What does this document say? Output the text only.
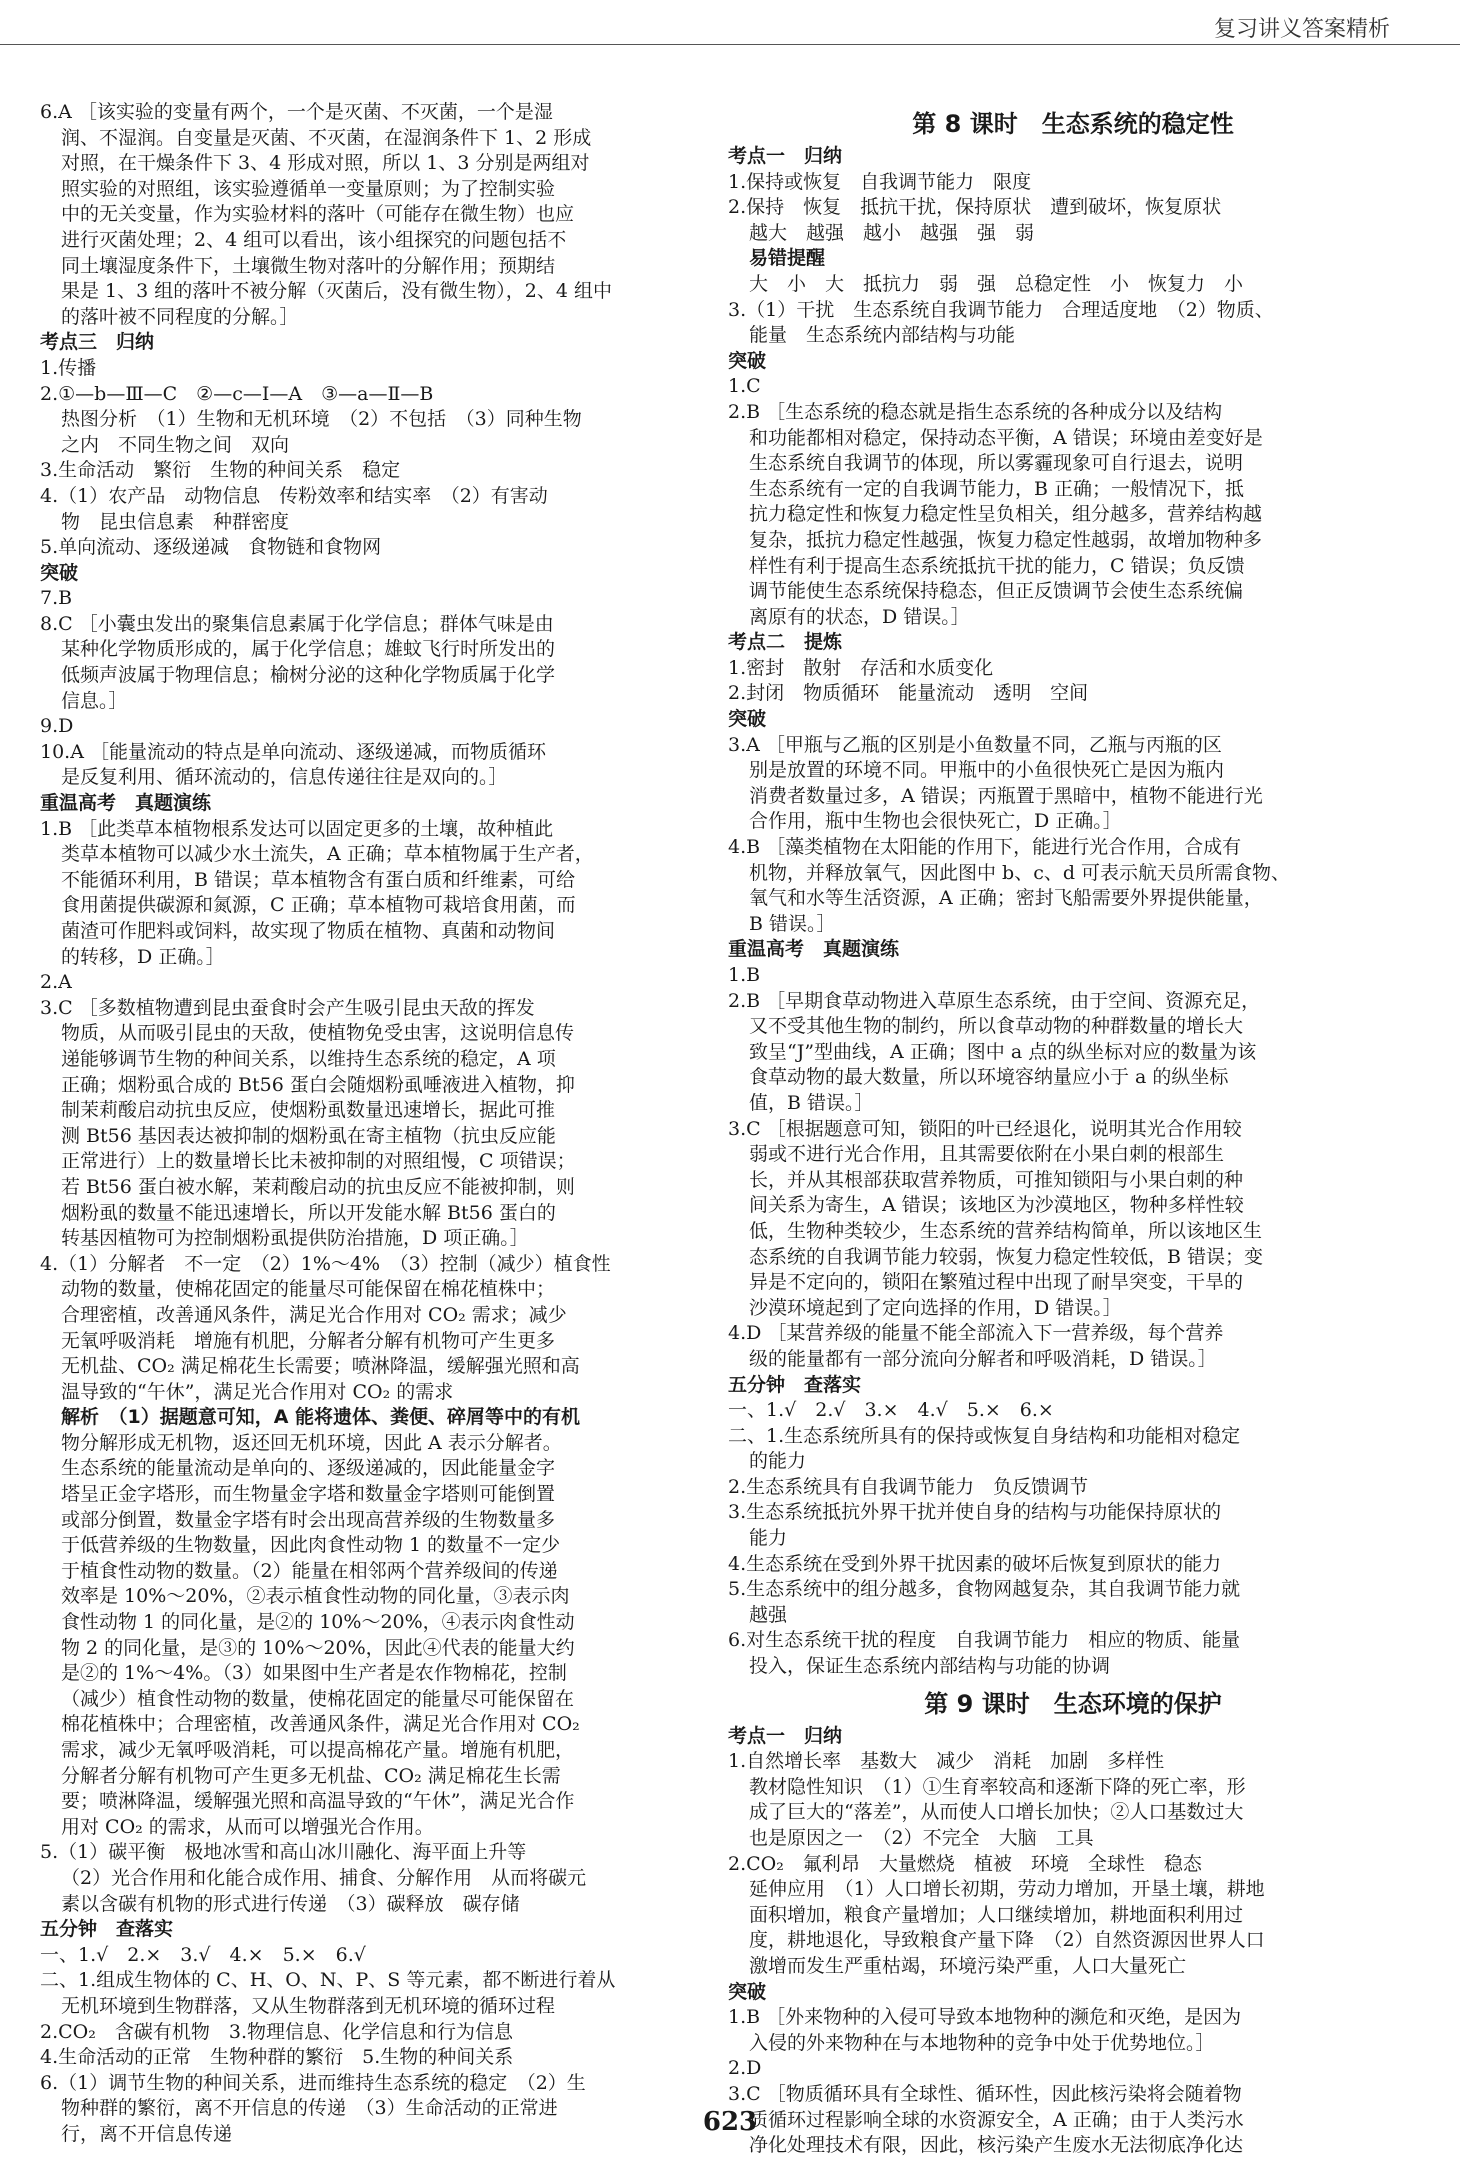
复习讲义答案精析
6.A ［该实验的变量有两个，一个是灭菌、不灭菌，一个是湿
润、不湿润。自变量是灭菌、不灭菌，在湿润条件下 1、2 形成
对照，在干燥条件下 3、4 形成对照，所以 1、3 分别是两组对
照实验的对照组，该实验遵循单一变量原则；为了控制实验
中的无关变量，作为实验材料的落叶（可能存在微生物）也应
进行灭菌处理；2、4 组可以看出，该小组探究的问题包括不
同土壤湿度条件下，土壤微生物对落叶的分解作用；预期结
果是 1、3 组的落叶不被分解（灭菌后，没有微生物），2、4 组中
的落叶被不同程度的分解。］
考点三　归纳
1.传播
2.①—b—Ⅲ—C　②—c—Ⅰ—A　③—a—Ⅱ—B
热图分析　（1）生物和无机环境　（2）不包括　（3）同种生物
之内　不同生物之间　双向
3.生命活动　繁衍　生物的种间关系　稳定
4.（1）农产品　动物信息　传粉效率和结实率　（2）有害动
物　昆虫信息素　种群密度
5.单向流动、逐级递减　食物链和食物网
突破
7.B
8.C ［小囊虫发出的聚集信息素属于化学信息；群体气味是由
某种化学物质形成的，属于化学信息；雄蚊飞行时所发出的
低频声波属于物理信息；榆树分泌的这种化学物质属于化学
信息。］
9.D
10.A ［能量流动的特点是单向流动、逐级递减，而物质循环
是反复利用、循环流动的，信息传递往往是双向的。］
重温高考　真题演练
1.B ［此类草本植物根系发达可以固定更多的土壤，故种植此
类草本植物可以减少水土流失，A 正确；草本植物属于生产者，
不能循环利用，B 错误；草本植物含有蛋白质和纤维素，可给
食用菌提供碳源和氮源，C 正确；草本植物可栽培食用菌，而
菌渣可作肥料或饲料，故实现了物质在植物、真菌和动物间
的转移，D 正确。］
2.A
3.C ［多数植物遭到昆虫蚕食时会产生吸引昆虫天敌的挥发
物质，从而吸引昆虫的天敌，使植物免受虫害，这说明信息传
递能够调节生物的种间关系，以维持生态系统的稳定，A 项
正确；烟粉虱合成的 Bt56 蛋白会随烟粉虱唾液进入植物，抑
制茉莉酸启动抗虫反应，使烟粉虱数量迅速增长，据此可推
测 Bt56 基因表达被抑制的烟粉虱在寄主植物（抗虫反应能
正常进行）上的数量增长比未被抑制的对照组慢，C 项错误；
若 Bt56 蛋白被水解，茉莉酸启动的抗虫反应不能被抑制，则
烟粉虱的数量不能迅速增长，所以开发能水解 Bt56 蛋白的
转基因植物可为控制烟粉虱提供防治措施，D 项正确。］
4.（1）分解者　不一定　（2）1%～4%　（3）控制（减少）植食性
动物的数量，使棉花固定的能量尽可能保留在棉花植株中；
合理密植，改善通风条件，满足光合作用对 CO₂ 需求；减少
无氧呼吸消耗　增施有机肥，分解者分解有机物可产生更多
无机盐、CO₂ 满足棉花生长需要；喷淋降温，缓解强光照和高
温导致的“午休”，满足光合作用对 CO₂ 的需求
解析　（1）据题意可知，A 能将遗体、粪便、碎屑等中的有机
物分解形成无机物，返还回无机环境，因此 A 表示分解者。
生态系统的能量流动是单向的、逐级递减的，因此能量金字
塔呈正金字塔形，而生物量金字塔和数量金字塔则可能倒置
或部分倒置，数量金字塔有时会出现高营养级的生物数量多
于低营养级的生物数量，因此肉食性动物 1 的数量不一定少
于植食性动物的数量。（2）能量在相邻两个营养级间的传递
效率是 10%～20%，②表示植食性动物的同化量，③表示肉
食性动物 1 的同化量，是②的 10%～20%，④表示肉食性动
物 2 的同化量，是③的 10%～20%，因此④代表的能量大约
是②的 1%～4%。（3）如果图中生产者是农作物棉花，控制
（减少）植食性动物的数量，使棉花固定的能量尽可能保留在
棉花植株中；合理密植，改善通风条件，满足光合作用对 CO₂
需求，减少无氧呼吸消耗，可以提高棉花产量。增施有机肥，
分解者分解有机物可产生更多无机盐、CO₂ 满足棉花生长需
要；喷淋降温，缓解强光照和高温导致的“午休”，满足光合作
用对 CO₂ 的需求，从而可以增强光合作用。
5.（1）碳平衡　极地冰雪和高山冰川融化、海平面上升等
（2）光合作用和化能合成作用、捕食、分解作用　从而将碳元
素以含碳有机物的形式进行传递　（3）碳释放　碳存储
五分钟　查落实
一、1.√　2.×　3.√　4.×　5.×　6.√
二、1.组成生物体的 C、H、O、N、P、S 等元素，都不断进行着从
无机环境到生物群落，又从生物群落到无机环境的循环过程
2.CO₂　含碳有机物　3.物理信息、化学信息和行为信息
4.生命活动的正常　生物种群的繁衍　5.生物的种间关系
6.（1）调节生物的种间关系，进而维持生态系统的稳定　（2）生
物种群的繁衍，离不开信息的传递　（3）生命活动的正常进
行，离不开信息传递
第 8 课时　生态系统的稳定性
考点一　归纳
1.保持或恢复　自我调节能力　限度
2.保持　恢复　抵抗干扰，保持原状　遭到破坏，恢复原状
越大　越强　越小　越强　强　弱
易错提醒
大　小　大　抵抗力　弱　强　总稳定性　小　恢复力　小
3.（1）干扰　生态系统自我调节能力　合理适度地　（2）物质、
能量　生态系统内部结构与功能
突破
1.C
2.B ［生态系统的稳态就是指生态系统的各种成分以及结构
和功能都相对稳定，保持动态平衡，A 错误；环境由差变好是
生态系统自我调节的体现，所以雾霾现象可自行退去，说明
生态系统有一定的自我调节能力，B 正确；一般情况下，抵
抗力稳定性和恢复力稳定性呈负相关，组分越多，营养结构越
复杂，抵抗力稳定性越强，恢复力稳定性越弱，故增加物种多
样性有利于提高生态系统抵抗干扰的能力，C 错误；负反馈
调节能使生态系统保持稳态，但正反馈调节会使生态系统偏
离原有的状态，D 错误。］
考点二　提炼
1.密封　散射　存活和水质变化
2.封闭　物质循环　能量流动　透明　空间
突破
3.A ［甲瓶与乙瓶的区别是小鱼数量不同，乙瓶与丙瓶的区
别是放置的环境不同。甲瓶中的小鱼很快死亡是因为瓶内
消费者数量过多，A 错误；丙瓶置于黑暗中，植物不能进行光
合作用，瓶中生物也会很快死亡，D 正确。］
4.B ［藻类植物在太阳能的作用下，能进行光合作用，合成有
机物，并释放氧气，因此图中 b、c、d 可表示航天员所需食物、
氧气和水等生活资源，A 正确；密封飞船需要外界提供能量，
B 错误。］
重温高考　真题演练
1.B
2.B ［早期食草动物进入草原生态系统，由于空间、资源充足，
又不受其他生物的制约，所以食草动物的种群数量的增长大
致呈“J”型曲线，A 正确；图中 a 点的纵坐标对应的数量为该
食草动物的最大数量，所以环境容纳量应小于 a 的纵坐标
值，B 错误。］
3.C ［根据题意可知，锁阳的叶已经退化，说明其光合作用较
弱或不进行光合作用，且其需要依附在小果白刺的根部生
长，并从其根部获取营养物质，可推知锁阳与小果白刺的种
间关系为寄生，A 错误；该地区为沙漠地区，物种多样性较
低，生物种类较少，生态系统的营养结构简单，所以该地区生
态系统的自我调节能力较弱，恢复力稳定性较低，B 错误；变
异是不定向的，锁阳在繁殖过程中出现了耐旱突变，干旱的
沙漠环境起到了定向选择的作用，D 错误。］
4.D ［某营养级的能量不能全部流入下一营养级，每个营养
级的能量都有一部分流向分解者和呼吸消耗，D 错误。］
五分钟　查落实
一、1.√　2.√　3.×　4.√　5.×　6.×
二、1.生态系统所具有的保持或恢复自身结构和功能相对稳定
的能力
2.生态系统具有自我调节能力　负反馈调节
3.生态系统抵抗外界干扰并使自身的结构与功能保持原状的
能力
4.生态系统在受到外界干扰因素的破坏后恢复到原状的能力
5.生态系统中的组分越多，食物网越复杂，其自我调节能力就
越强
6.对生态系统干扰的程度　自我调节能力　相应的物质、能量
投入，保证生态系统内部结构与功能的协调
第 9 课时　生态环境的保护
考点一　归纳
1.自然增长率　基数大　减少　消耗　加剧　多样性
教材隐性知识　（1）①生育率较高和逐渐下降的死亡率，形
成了巨大的“落差”，从而使人口增长加快；②人口基数过大
也是原因之一　（2）不完全　大脑　工具
2.CO₂　氟利昂　大量燃烧　植被　环境　全球性　稳态
延伸应用　（1）人口增长初期，劳动力增加，开垦土壤，耕地
面积增加，粮食产量增加；人口继续增加，耕地面积利用过
度，耕地退化，导致粮食产量下降　（2）自然资源因世界人口
激增而发生严重枯竭，环境污染严重，人口大量死亡
突破
1.B ［外来物种的入侵可导致本地物种的濒危和灭绝，是因为
入侵的外来物种在与本地物种的竞争中处于优势地位。］
2.D
3.C ［物质循环具有全球性、循环性，因此核污染将会随着物
质循环过程影响全球的水资源安全，A 正确；由于人类污水
净化处理技术有限，因此，核污染产生废水无法彻底净化达
623
